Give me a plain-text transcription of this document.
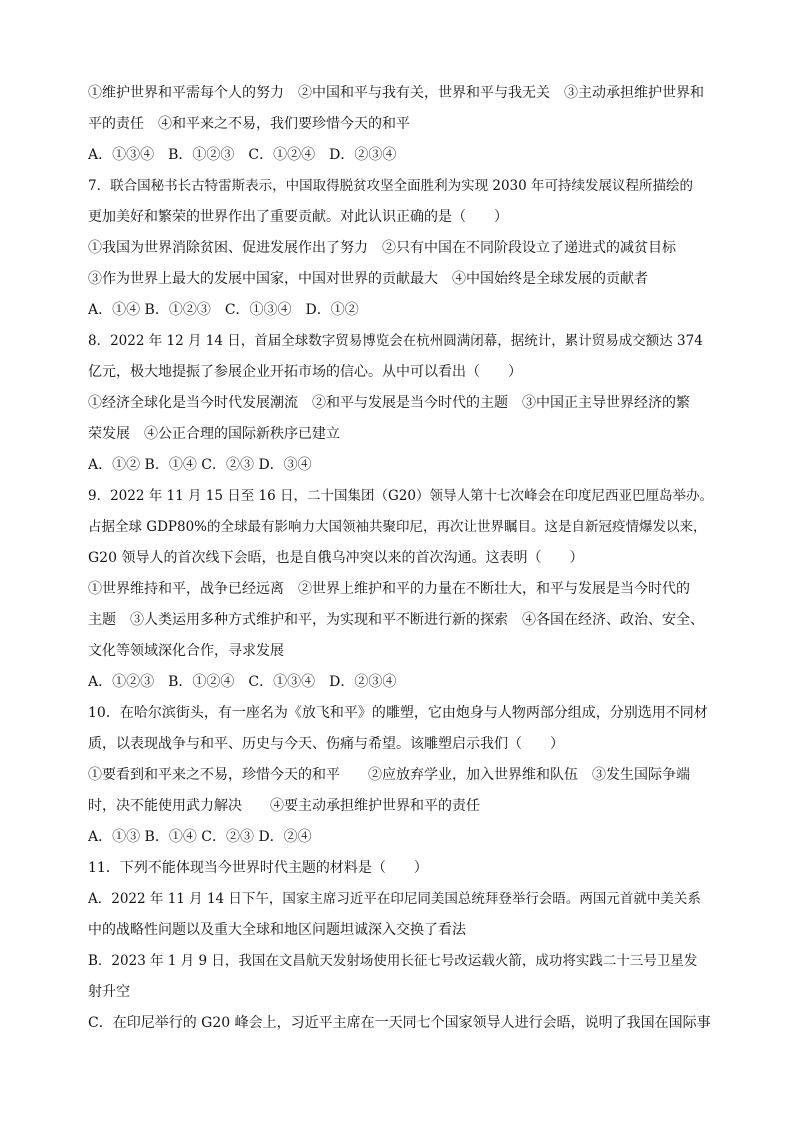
①维护世界和平需每个人的努力　②中国和平与我有关，世界和平与我无关　③主动承担维护世界和
平的责任　④和平来之不易，我们要珍惜今天的和平
A．①③④　B．①②③　C．①②④　D．②③④
7．联合国秘书长古特雷斯表示，中国取得脱贫攻坚全面胜利为实现 2030 年可持续发展议程所描绘的
更加美好和繁荣的世界作出了重要贡献。对此认识正确的是（　　）
①我国为世界消除贫困、促进发展作出了努力　②只有中国在不同阶段设立了递进式的减贫目标
③作为世界上最大的发展中国家，中国对世界的贡献最大　④中国始终是全球发展的贡献者
A．①④ B．①②③　C．①③④　D．①②
8．2022 年 12 月 14 日，首届全球数字贸易博览会在杭州圆满闭幕，据统计，累计贸易成交额达 374
亿元，极大地提振了参展企业开拓市场的信心。从中可以看出（　　）
①经济全球化是当今时代发展潮流　②和平与发展是当今时代的主题　③中国正主导世界经济的繁
荣发展　④公正合理的国际新秩序已建立
A．①② B．①④ C．②③ D．③④
9．2022 年 11 月 15 日至 16 日，二十国集团（G20）领导人第十七次峰会在印度尼西亚巴厘岛举办。
占据全球 GDP80%的全球最有影响力大国领袖共聚印尼，再次让世界瞩目。这是自新冠疫情爆发以来，
G20 领导人的首次线下会晤，也是自俄乌冲突以来的首次沟通。这表明（　　）
①世界维持和平，战争已经远离　②世界上维护和平的力量在不断壮大，和平与发展是当今时代的
主题　③人类运用多种方式维护和平，为实现和平不断进行新的探索　④各国在经济、政治、安全、
文化等领域深化合作，寻求发展
A．①②③　B．①②④　C．①③④　D．②③④
10．在哈尔滨街头，有一座名为《放飞和平》的雕塑，它由炮身与人物两部分组成，分别选用不同材
质，以表现战争与和平、历史与今天、伤痛与希望。该雕塑启示我们（　　）
①要看到和平来之不易，珍惜今天的和平　　②应放弃学业，加入世界维和队伍　③发生国际争端
时，决不能使用武力解决　　④要主动承担维护世界和平的责任
A．①③ B．①④ C．②③ D．②④
11．下列不能体现当今世界时代主题的材料是（　　）
A．2022 年 11 月 14 日下午，国家主席习近平在印尼同美国总统拜登举行会晤。两国元首就中美关系
中的战略性问题以及重大全球和地区问题坦诚深入交换了看法
B．2023 年 1 月 9 日，我国在文昌航天发射场使用长征七号改运载火箭，成功将实践二十三号卫星发
射升空
C．在印尼举行的 G20 峰会上，习近平主席在一天同七个国家领导人进行会晤，说明了我国在国际事
